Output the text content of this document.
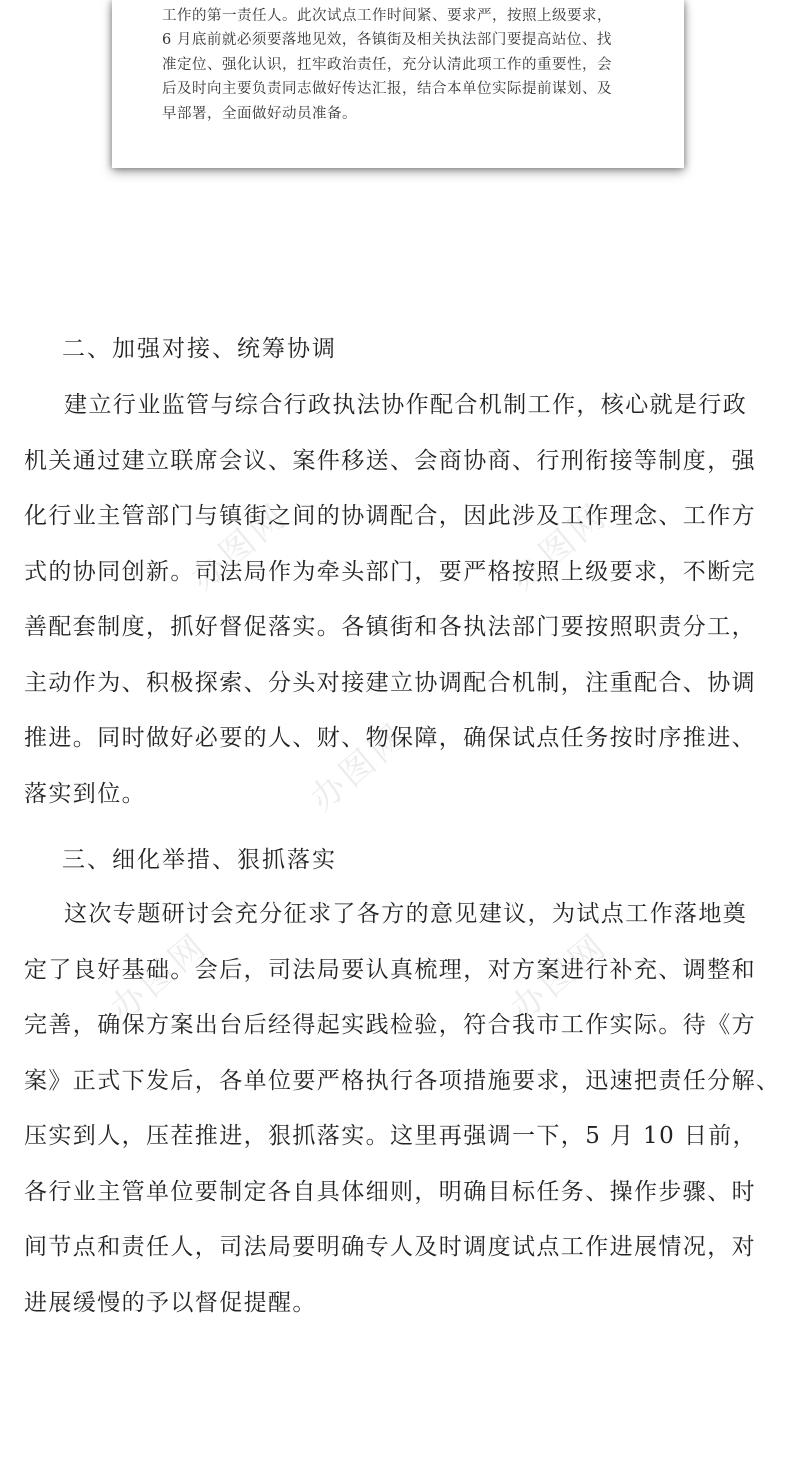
工作的第一责任人。此次试点工作时间紧、要求严，按照上级要求，
6 月底前就必须要落地见效，各镇街及相关执法部门要提高站位、找
准定位、强化认识，扛牢政治责任，充分认清此项工作的重要性，会
后及时向主要负责同志做好传达汇报，结合本单位实际提前谋划、及
早部署，全面做好动员准备。
办图网	办图网
办图网
办图网	办图网
二、加强对接、统筹协调
建立行业监管与综合行政执法协作配合机制工作，核心就是行政
机关通过建立联席会议、案件移送、会商协商、行刑衔接等制度，强
化行业主管部门与镇街之间的协调配合，因此涉及工作理念、工作方
式的协同创新。司法局作为牵头部门，要严格按照上级要求，不断完
善配套制度，抓好督促落实。各镇街和各执法部门要按照职责分工，
主动作为、积极探索、分头对接建立协调配合机制，注重配合、协调
推进。同时做好必要的人、财、物保障，确保试点任务按时序推进、
落实到位。
三、细化举措、狠抓落实
这次专题研讨会充分征求了各方的意见建议，为试点工作落地奠
定了良好基础。会后，司法局要认真梳理，对方案进行补充、调整和
完善，确保方案出台后经得起实践检验，符合我市工作实际。待《方
案》正式下发后，各单位要严格执行各项措施要求，迅速把责任分解、
压实到人，压茬推进，狠抓落实。这里再强调一下，5 月 10 日前，
各行业主管单位要制定各自具体细则，明确目标任务、操作步骤、时
间节点和责任人，司法局要明确专人及时调度试点工作进展情况，对
进展缓慢的予以督促提醒。
